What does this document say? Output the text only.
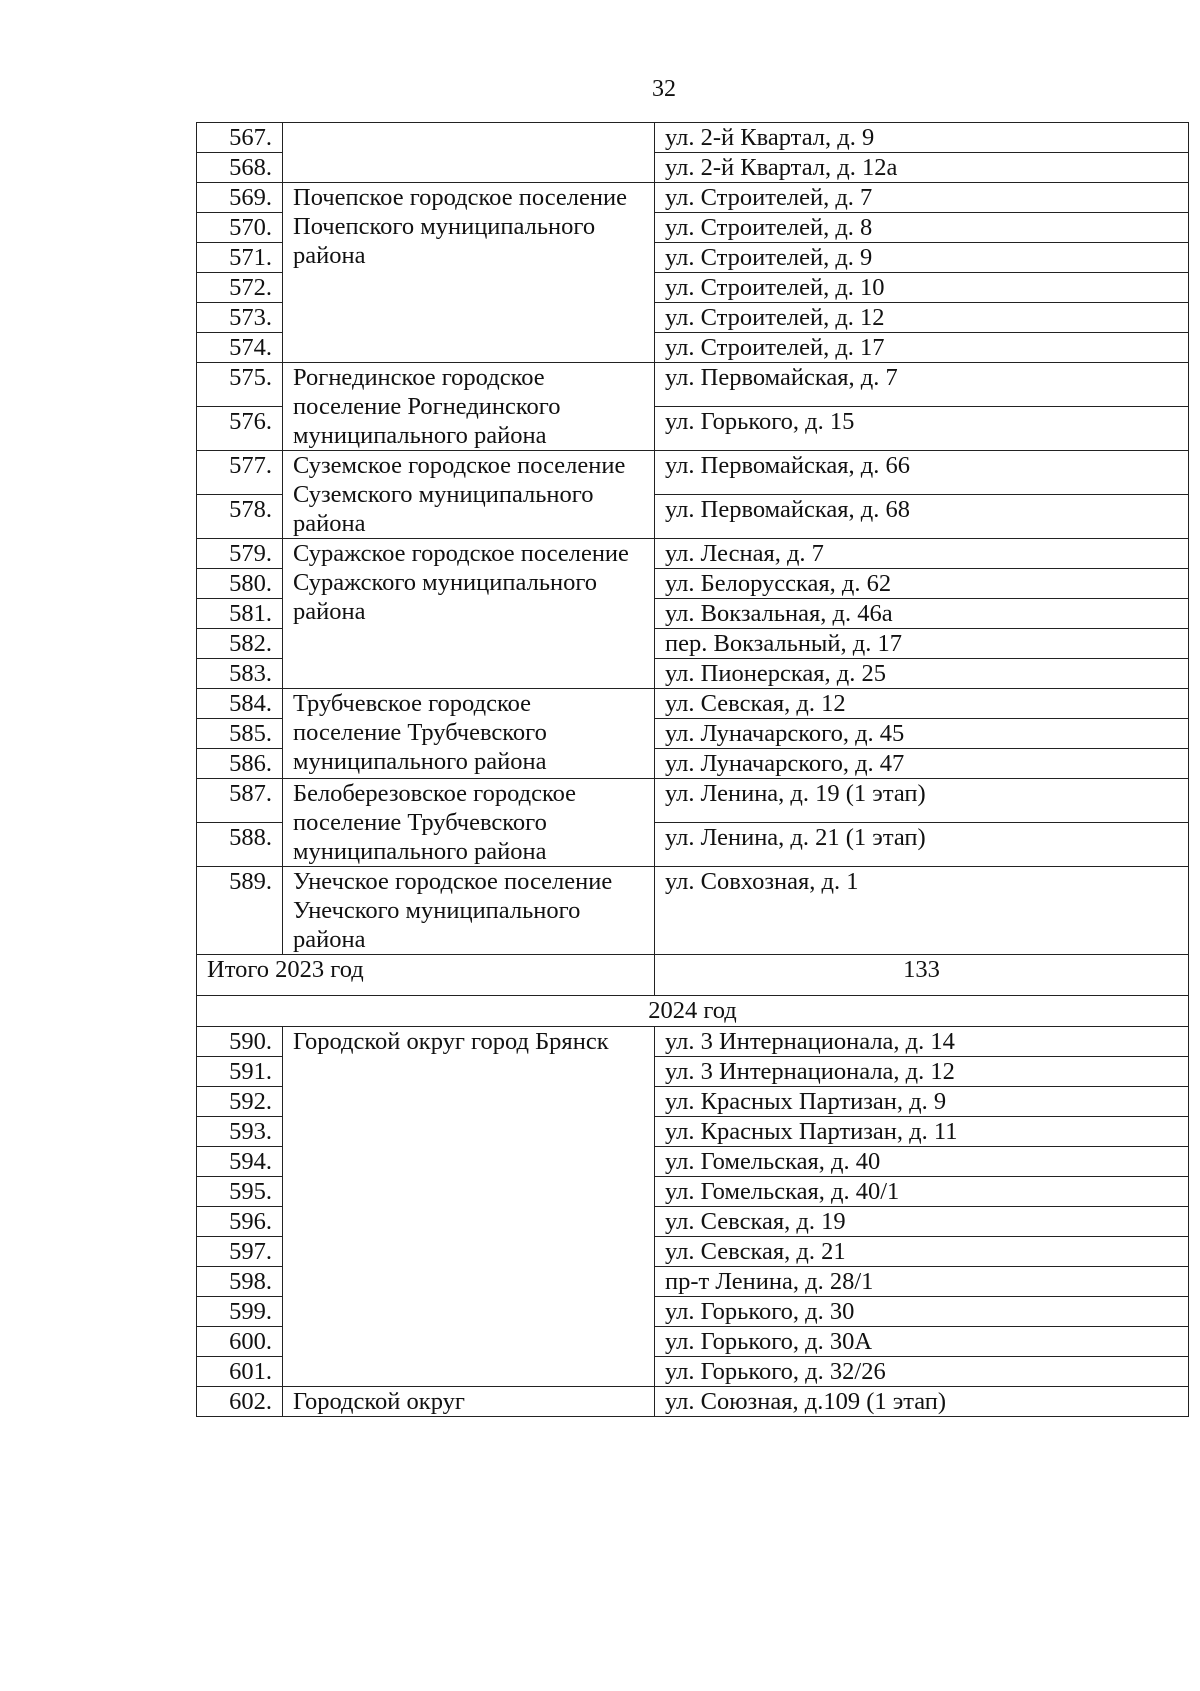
32
567.		ул. 2-й Квартал, д. 9
568.		ул. 2-й Квартал, д. 12а
569.	Почепское городское поселение Почепского муниципального района	ул. Строителей, д. 7
570.		ул. Строителей, д. 8
571.		ул. Строителей, д. 9
572.		ул. Строителей, д. 10
573.		ул. Строителей, д. 12
574.		ул. Строителей, д. 17
575.	Рогнединское городское поселение Рогнединского муниципального района	ул. Первомайская, д. 7
576.		ул. Горького, д. 15
577.	Суземское городское поселение Суземского муниципального района	ул. Первомайская, д. 66
578.		ул. Первомайская, д. 68
579.	Суражское городское поселение Суражского муниципального района	ул. Лесная, д. 7
580.		ул. Белорусская, д. 62
581.		ул. Вокзальная, д. 46а
582.		пер. Вокзальный, д. 17
583.		ул. Пионерская, д. 25
584.	Трубчевское городское поселение Трубчевского муниципального района	ул. Севская, д. 12
585.		ул. Луначарского, д. 45
586.		ул. Луначарского, д. 47
587.	Белоберезовское городское поселение Трубчевского муниципального района	ул. Ленина, д. 19 (1 этап)
588.		ул. Ленина, д. 21 (1 этап)
589.	Унечское городское поселение Унечского муниципального района	ул. Совхозная, д. 1
Итого 2023 год		133
2024 год		
590.	Городской округ город Брянск	ул. 3 Интернационала, д. 14
591.		ул. 3 Интернационала, д. 12
592.		ул. Красных Партизан, д. 9
593.		ул. Красных Партизан, д. 11
594.		ул. Гомельская, д. 40
595.		ул. Гомельская, д. 40/1
596.		ул. Севская, д. 19
597.		ул. Севская, д. 21
598.		пр-т Ленина, д. 28/1
599.		ул. Горького, д. 30
600.		ул. Горького, д. 30А
601.		ул. Горького, д. 32/26
602.	Городской округ	ул. Союзная, д.109 (1 этап)
